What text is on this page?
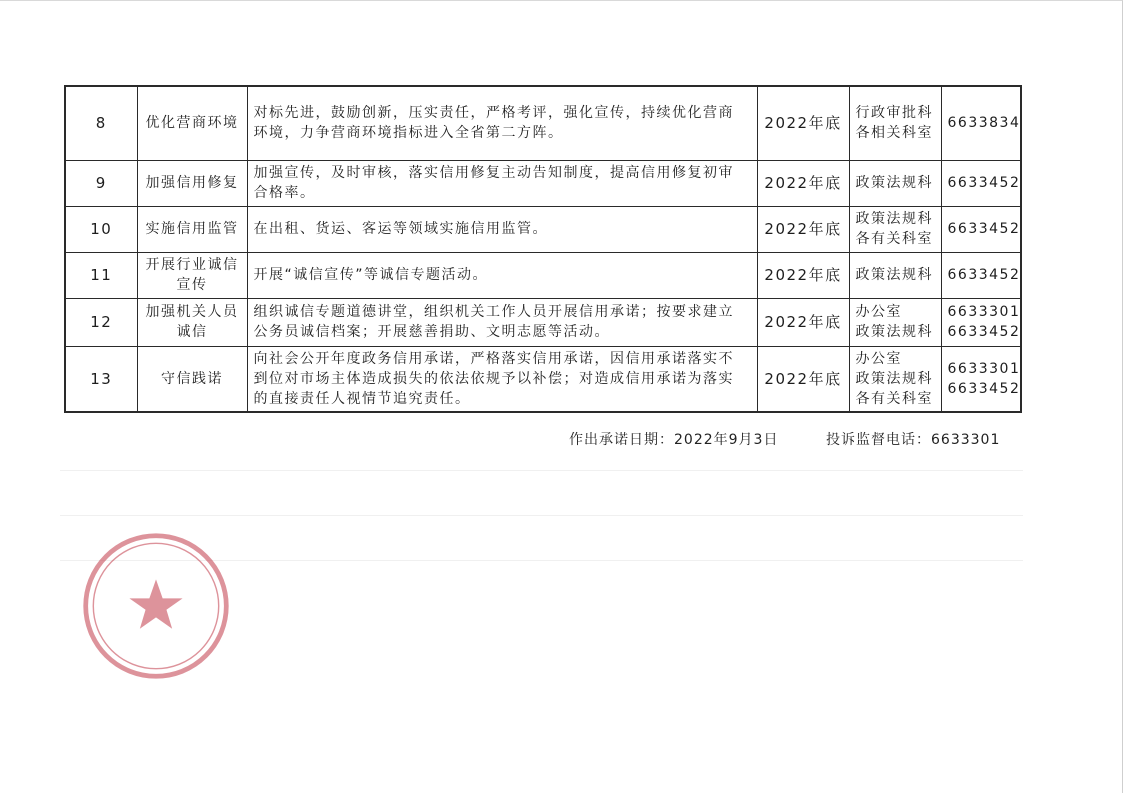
8	优化营商环境	对标先进，鼓励创新，压实责任，严格考评，强化宣传，持续优化营商
环境，力争营商环境指标进入全省第二方阵。	2022年底	行政审批科
各相关科室	6633834

9	加强信用修复	加强宣传，及时审核，落实信用修复主动告知制度，提高信用修复初审
合格率。	2022年底	政策法规科	6633452

10	实施信用监管	在出租、货运、客运等领域实施信用监管。	2022年底	政策法规科
各有关科室	6633452

11	开展行业诚信
宣传	开展“诚信宣传”等诚信专题活动。	2022年底	政策法规科	6633452

12	加强机关人员
诚信	组织诚信专题道德讲堂，组织机关工作人员开展信用承诺；按要求建立
公务员诚信档案；开展慈善捐助、文明志愿等活动。	2022年底	办公室
政策法规科	6633301
6633452

13	守信践诺	向社会公开年度政务信用承诺，严格落实信用承诺，因信用承诺落实不
到位对市场主体造成损失的依法依规予以补偿；对造成信用承诺为落实
的直接责任人视情节追究责任。	2022年底	办公室
政策法规科
各有关科室	6633301
6633452
作出承诺日期：2022年9月3日	投诉监督电话：6633301
